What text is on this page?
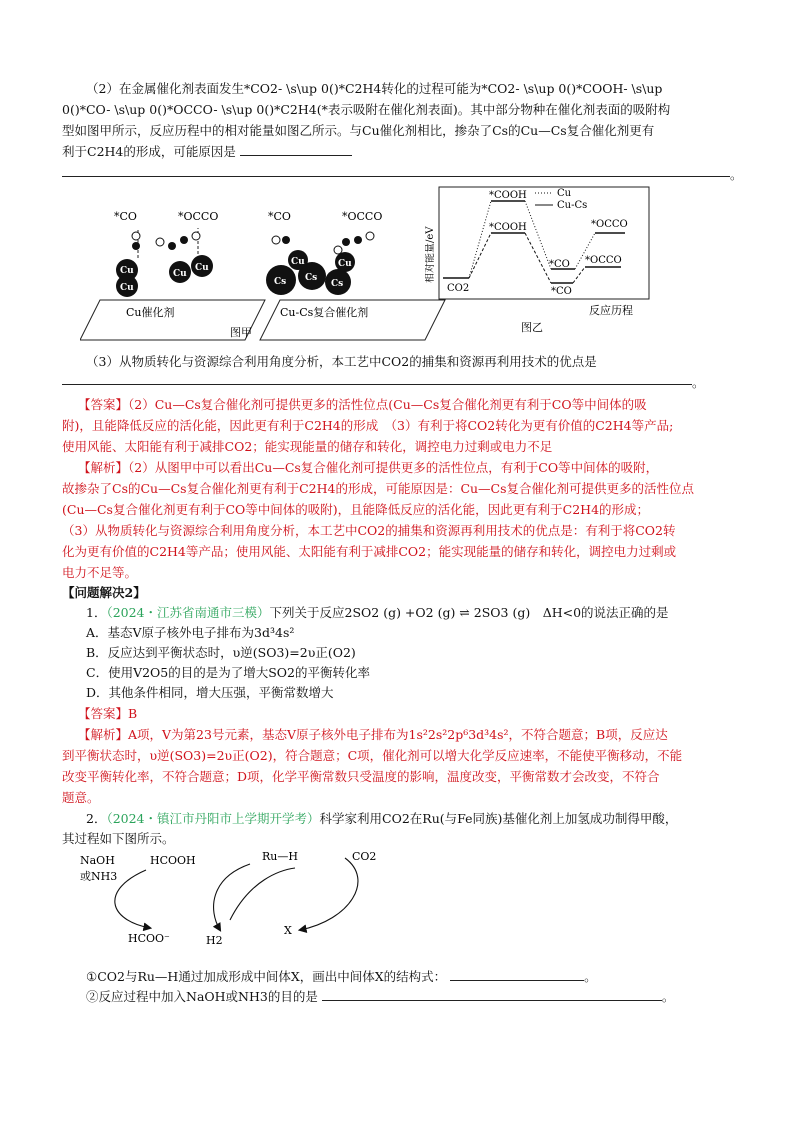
（2）在金属催化剂表面发生*CO2- \s\up 0()*C2H4转化的过程可能为*CO2- \s\up 0()*COOH- \s\up
0()*CO- \s\up 0()*OCCO- \s\up 0()*C2H4(*表示吸附在催化剂表面)。其中部分物种在催化剂表面的吸附构
型如图甲所示，反应历程中的相对能量如图乙所示。与Cu催化剂相比，掺杂了Cs的Cu—Cs复合催化剂更有
利于C2H4的形成，可能原因是
。
*CO	*OCCO
Cu
Cu
Cu
Cu
Cu催化剂
*CO	*OCCO
Cs Cs
Cs
Cu	Cu
Cu-Cs复合催化剂
图甲
相对能量/eV
CO2
*COOH
*COOH
*CO
*CO
*OCCO
*OCCO
Cu
Cu-Cs
反应历程
图乙
（3）从物质转化与资源综合利用角度分析，本工艺中CO2的捕集和资源再利用技术的优点是
。
【答案】（2）Cu—Cs复合催化剂可提供更多的活性位点(Cu—Cs复合催化剂更有利于CO等中间体的吸
附)，且能降低反应的活化能，因此更有利于C2H4的形成　（3）有利于将CO2转化为更有价值的C2H4等产品;
使用风能、太阳能有利于减排CO2；能实现能量的储存和转化，调控电力过剩或电力不足
【解析】（2）从图甲中可以看出Cu—Cs复合催化剂可提供更多的活性位点，有利于CO等中间体的吸附，
故掺杂了Cs的Cu—Cs复合催化剂更有利于C2H4的形成，可能原因是：Cu—Cs复合催化剂可提供更多的活性位点
(Cu—Cs复合催化剂更有利于CO等中间体的吸附)，且能降低反应的活化能，因此更有利于C2H4的形成；
（3）从物质转化与资源综合利用角度分析，本工艺中CO2的捕集和资源再利用技术的优点是：有利于将CO2转
化为更有价值的C2H4等产品；使用风能、太阳能有利于减排CO2；能实现能量的储存和转化，调控电力过剩或
电力不足等。
【问题解决2】
1．（2024・江苏省南通市三模）下列关于反应2SO2 (g) +O2 (g) ⇌ 2SO3 (g)　ΔH<0的说法正确的是
A．基态V原子核外电子排布为3d³4s²
B．反应达到平衡状态时，υ逆(SO3)=2υ正(O2)
C．使用V2O5的目的是为了增大SO2的平衡转化率
D．其他条件相同，增大压强，平衡常数增大
【答案】B
【解析】A项，V为第23号元素，基态V原子核外电子排布为1s²2s²2p⁶3d³4s²，不符合题意；B项，反应达
到平衡状态时，υ逆(SO3)=2υ正(O2)，符合题意；C项，催化剂可以增大化学反应速率，不能使平衡移动，不能
改变平衡转化率，不符合题意；D项，化学平衡常数只受温度的影响，温度改变，平衡常数才会改变，不符合
题意。
2．（2024・镇江市丹阳市上学期开学考）科学家利用CO2在Ru(与Fe同族)基催化剂上加氢成功制得甲酸，
其过程如下图所示。
NaOH
或NH3
HCOOH	Ru—H	CO2
HCOO⁻	H2
X
①CO2与Ru—H通过加成形成中间体X，画出中间体X的结构式：	。
②反应过程中加入NaOH或NH3的目的是	。
